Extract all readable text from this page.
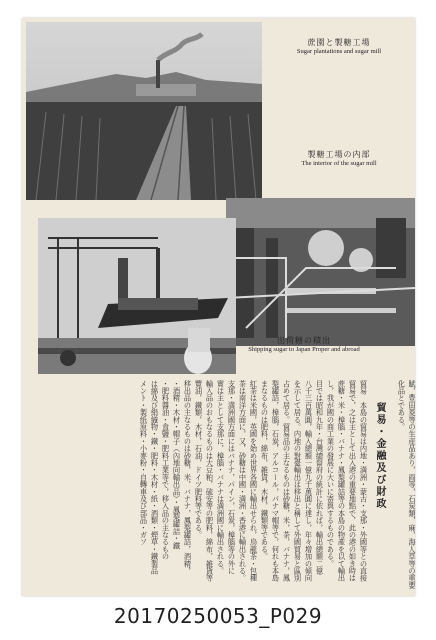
蔗園と製糖工場
Sugar plantations and sugar mill
製糖工場の内部
The interior of the sugar mill
出荷糖の積出
Shipping sugar to Japan Proper and abroad
賦，豊田菱等の生産品あり，両等，石炭類，麻，海人草等の重要化品とである。
貿易・金融及び財政
貿易　本島の貿易は内地・満洲・蒙古・支那・外國等との直接
貿易で，之は主として出入港の重要地點で，此の港の如き時は
蔗糖・米・樟腦・バナナ・鳳梨罐詰等の本島の物產を以て輸出
し，我が國の商工業の發展に大いに寄與するものである。
目では昭和九年・台灣總督府の統計に依れば，輸出總額二億
八千三百萬圓，輸入總額一億九千萬圓に達し，年々增加の傾向
を示して居る。内地の對臺輸出は移出と稱して外國貿易と區別
占めて居る。貿易品の主なるものは砂糖，米，茶，バナナ，鳳
梨罐詰，樟腦，石炭，アルコール，パナマ帽等で，何れも本島
まなるものは肥料，綿布，雑貨，木材，鐵類等である。
紅茶は米國，英國を始め世界各國に輸出せられ，烏龍茶・包種
茶は南洋方面に，又，砂糖は中國・満洲・香港に輸出される。
支那・満洲國方面にはバナナ，パイン，石炭，樟腦等の外に
實は主として支那に，樟腦・バナナは満洲國に輸出される。
輸入品のおもなるものは大豆粕，硫安等の肥料，綿布，雑貨等
覽油，鐵類，木材，石油，ドイツ肥料等である。
移出品の主なるものは砂糖，米，バナナ，鳳梨罐詰，酒精，
・酒精・木材・帽子（內地向輸出品）・鳳梨罐詰・鐵
・肥料醬油・食鹽・肥料工業等で，移入品の主なるもの
は綿及び絹織物・鐵・肥料・木材・紙・酒類・煙草・鐵製品
メント・製紙原料・小麥粉・自轉車及び部品・ガソ
20170250053_P029
